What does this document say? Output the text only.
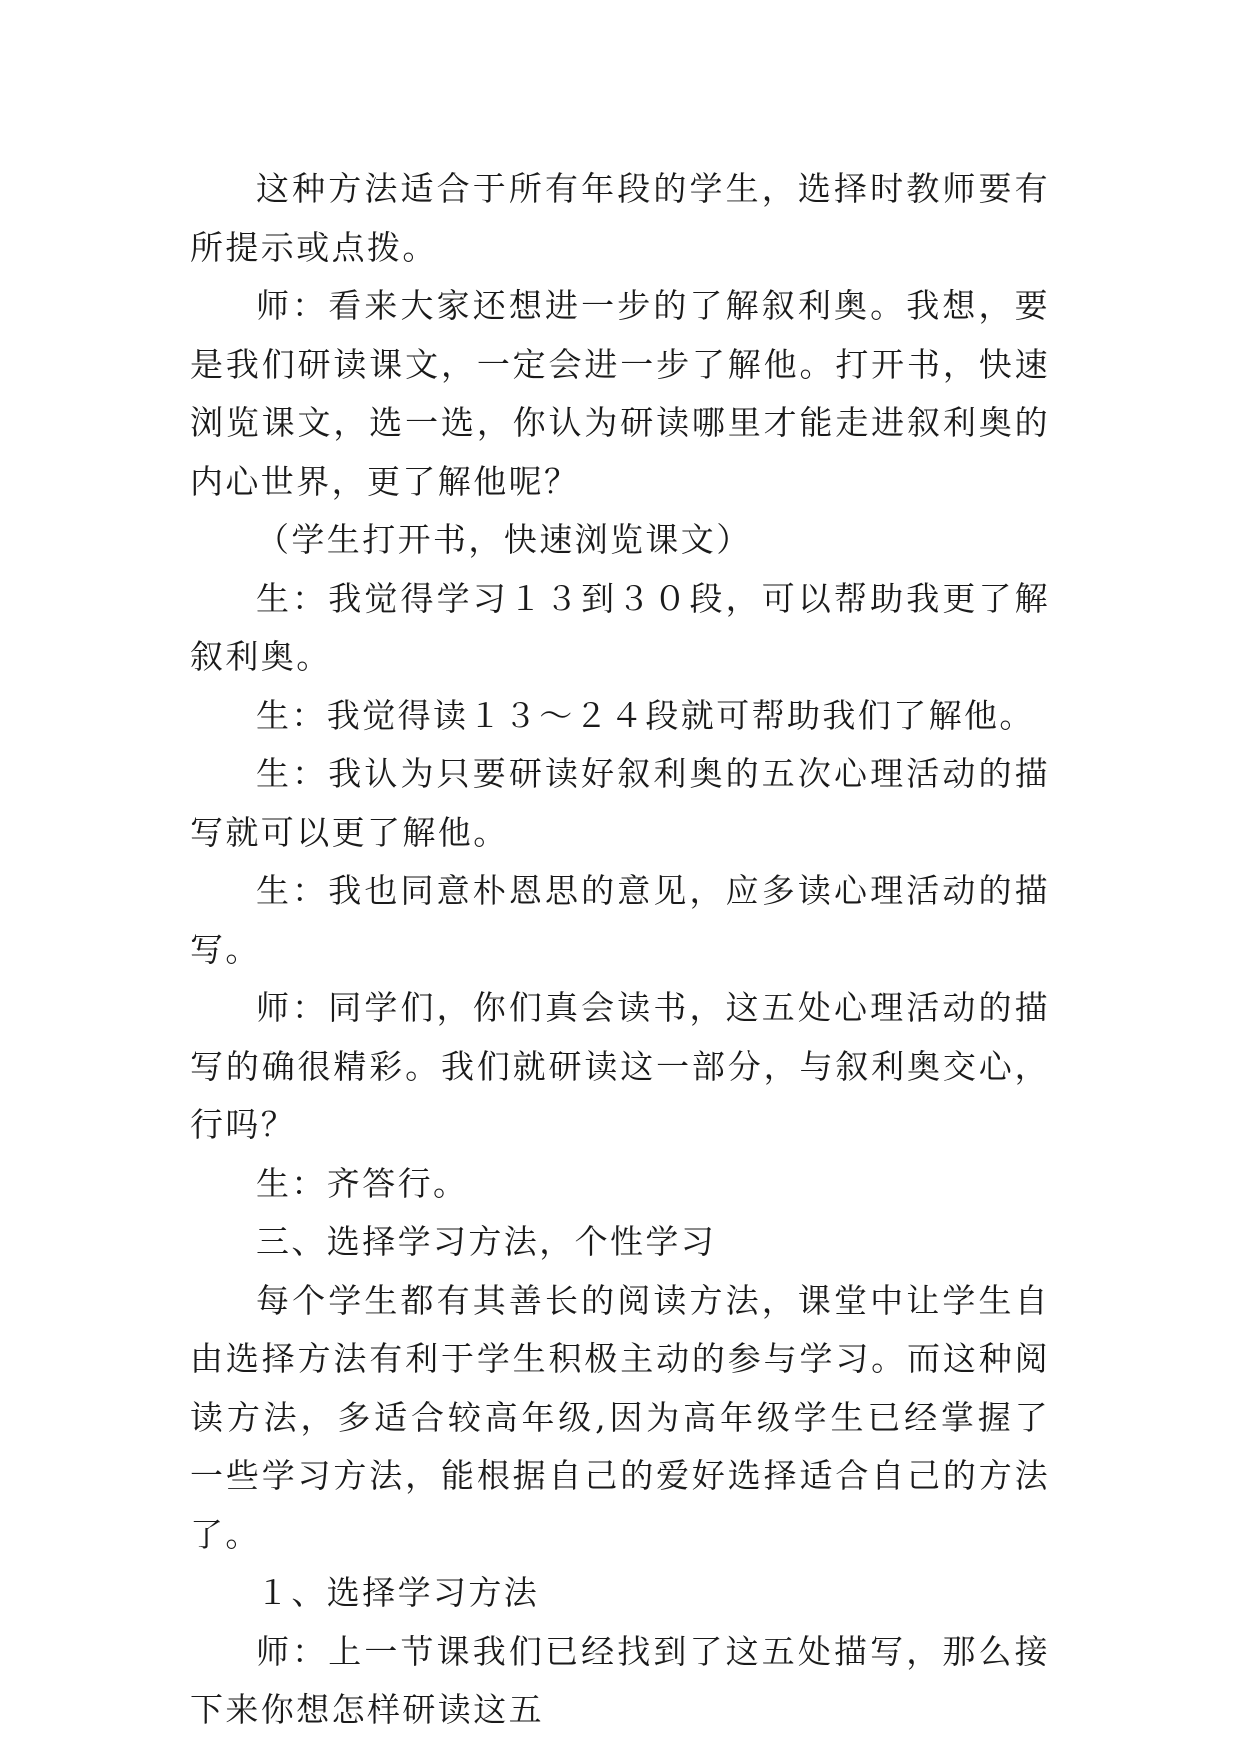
这种方法适合于所有年段的学生，选择时教师要有所提示或点拨。

师：看来大家还想进一步的了解叙利奥。我想，要是我们研读课文，一定会进一步了解他。打开书，快速浏览课文，选一选，你认为研读哪里才能走进叙利奥的内心世界，更了解他呢？

（学生打开书，快速浏览课文）

生：我觉得学习１３到３０段，可以帮助我更了解叙利奥。

生：我觉得读１３～２４段就可帮助我们了解他。

生：我认为只要研读好叙利奥的五次心理活动的描写就可以更了解他。

生：我也同意朴恩思的意见，应多读心理活动的描写。

师：同学们，你们真会读书，这五处心理活动的描写的确很精彩。我们就研读这一部分，与叙利奥交心，行吗？

生：齐答行。

三、选择学习方法，个性学习

每个学生都有其善长的阅读方法，课堂中让学生自由选择方法有利于学生积极主动的参与学习。而这种阅读方法，多适合较高年级,因为高年级学生已经掌握了一些学习方法，能根据自己的爱好选择适合自己的方法了。

１、选择学习方法

师：上一节课我们已经找到了这五处描写，那么接下来你想怎样研读这五
